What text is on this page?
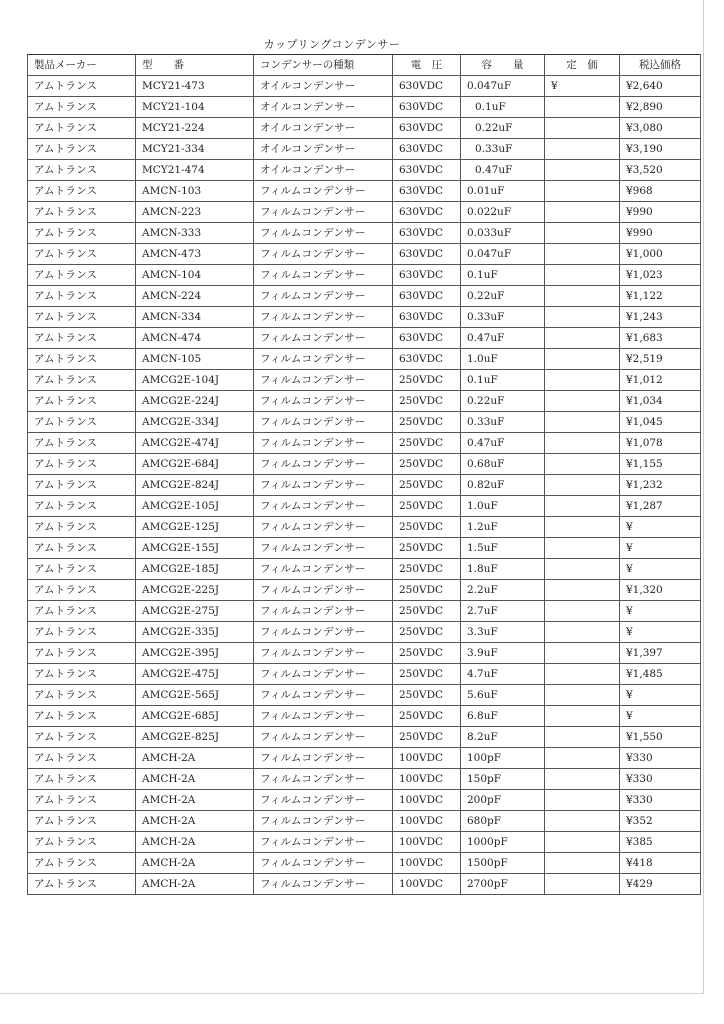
カップリングコンデンサー
製品メーカー	型　　番	コンデンサーの種類	電　圧	容　　量	定　価	税込価格
アムトランス	MCY21-473	オイルコンデンサー	630VDC	0.047uF	¥	¥2,640
アムトランス	MCY21-104	オイルコンデンサー	630VDC	0.1uF		¥2,890
アムトランス	MCY21-224	オイルコンデンサー	630VDC	0.22uF		¥3,080
アムトランス	MCY21-334	オイルコンデンサー	630VDC	0.33uF		¥3,190
アムトランス	MCY21-474	オイルコンデンサー	630VDC	0.47uF		¥3,520
アムトランス	AMCN-103	フィルムコンデンサー	630VDC	0.01uF		¥968
アムトランス	AMCN-223	フィルムコンデンサー	630VDC	0.022uF		¥990
アムトランス	AMCN-333	フィルムコンデンサー	630VDC	0.033uF		¥990
アムトランス	AMCN-473	フィルムコンデンサー	630VDC	0.047uF		¥1,000
アムトランス	AMCN-104	フィルムコンデンサー	630VDC	0.1uF		¥1,023
アムトランス	AMCN-224	フィルムコンデンサー	630VDC	0.22uF		¥1,122
アムトランス	AMCN-334	フィルムコンデンサー	630VDC	0.33uF		¥1,243
アムトランス	AMCN-474	フィルムコンデンサー	630VDC	0.47uF		¥1,683
アムトランス	AMCN-105	フィルムコンデンサー	630VDC	1.0uF		¥2,519
アムトランス	AMCG2E-104J	フィルムコンデンサー	250VDC	0.1uF		¥1,012
アムトランス	AMCG2E-224J	フィルムコンデンサー	250VDC	0.22uF		¥1,034
アムトランス	AMCG2E-334J	フィルムコンデンサー	250VDC	0.33uF		¥1,045
アムトランス	AMCG2E-474J	フィルムコンデンサー	250VDC	0.47uF		¥1,078
アムトランス	AMCG2E-684J	フィルムコンデンサー	250VDC	0.68uF		¥1,155
アムトランス	AMCG2E-824J	フィルムコンデンサー	250VDC	0.82uF		¥1,232
アムトランス	AMCG2E-105J	フィルムコンデンサー	250VDC	1.0uF		¥1,287
アムトランス	AMCG2E-125J	フィルムコンデンサー	250VDC	1.2uF		¥
アムトランス	AMCG2E-155J	フィルムコンデンサー	250VDC	1.5uF		¥
アムトランス	AMCG2E-185J	フィルムコンデンサー	250VDC	1.8uF		¥
アムトランス	AMCG2E-225J	フィルムコンデンサー	250VDC	2.2uF		¥1,320
アムトランス	AMCG2E-275J	フィルムコンデンサー	250VDC	2.7uF		¥
アムトランス	AMCG2E-335J	フィルムコンデンサー	250VDC	3.3uF		¥
アムトランス	AMCG2E-395J	フィルムコンデンサー	250VDC	3.9uF		¥1,397
アムトランス	AMCG2E-475J	フィルムコンデンサー	250VDC	4.7uF		¥1,485
アムトランス	AMCG2E-565J	フィルムコンデンサー	250VDC	5.6uF		¥
アムトランス	AMCG2E-685J	フィルムコンデンサー	250VDC	6.8uF		¥
アムトランス	AMCG2E-825J	フィルムコンデンサー	250VDC	8.2uF		¥1,550
アムトランス	AMCH-2A	フィルムコンデンサー	100VDC	100pF		¥330
アムトランス	AMCH-2A	フィルムコンデンサー	100VDC	150pF		¥330
アムトランス	AMCH-2A	フィルムコンデンサー	100VDC	200pF		¥330
アムトランス	AMCH-2A	フィルムコンデンサー	100VDC	680pF		¥352
アムトランス	AMCH-2A	フィルムコンデンサー	100VDC	1000pF		¥385
アムトランス	AMCH-2A	フィルムコンデンサー	100VDC	1500pF		¥418
アムトランス	AMCH-2A	フィルムコンデンサー	100VDC	2700pF		¥429
